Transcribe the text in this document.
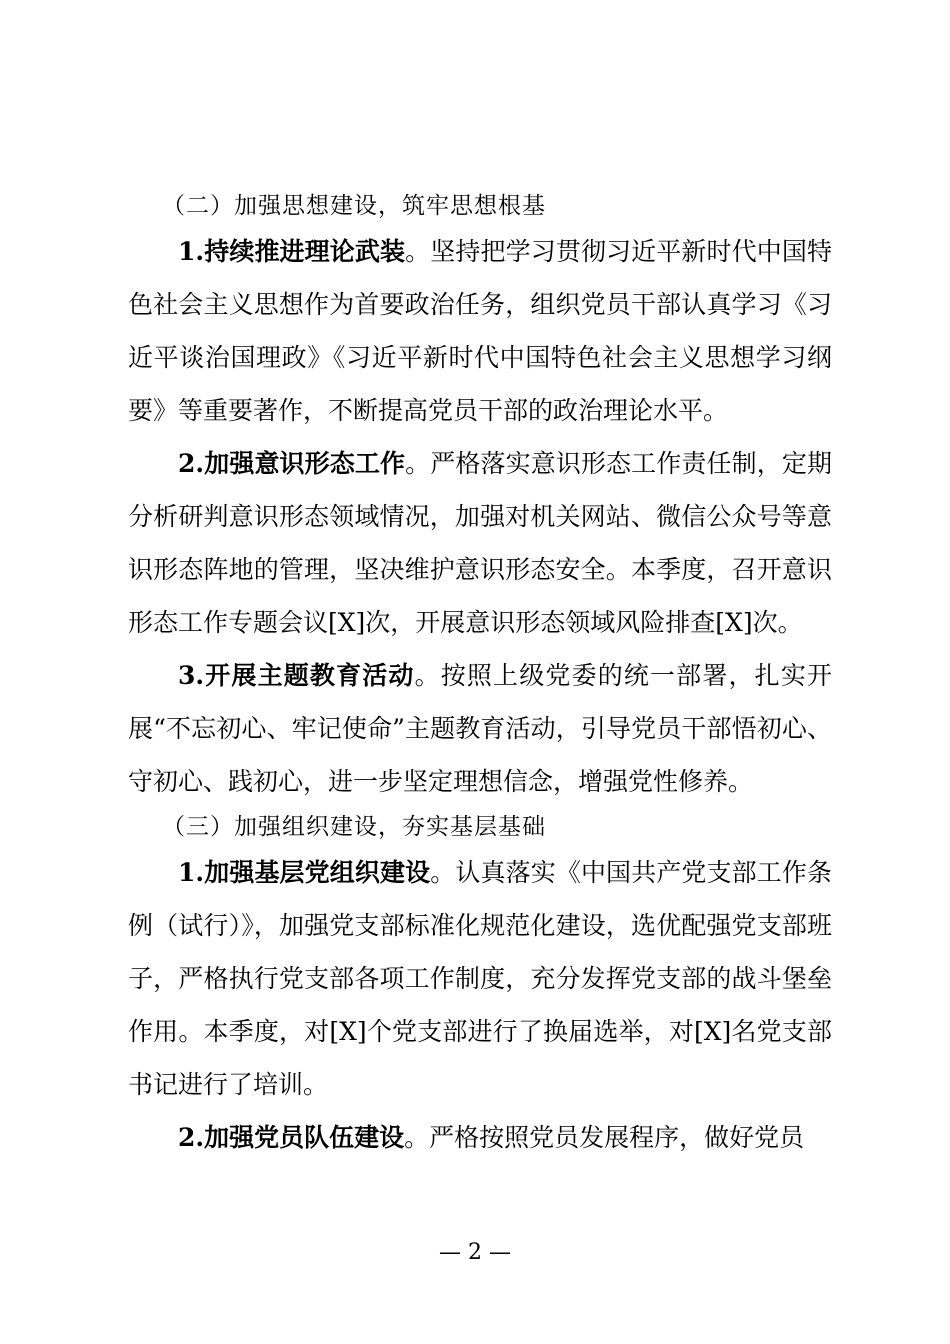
（二）加强思想建设，筑牢思想根基

1.持续推进理论武装。坚持把学习贯彻习近平新时代中国特色社会主义思想作为首要政治任务，组织党员干部认真学习《习近平谈治国理政》《习近平新时代中国特色社会主义思想学习纲要》等重要著作，不断提高党员干部的政治理论水平。

2.加强意识形态工作。严格落实意识形态工作责任制，定期分析研判意识形态领域情况，加强对机关网站、微信公众号等意识形态阵地的管理，坚决维护意识形态安全。本季度，召开意识形态工作专题会议[X]次，开展意识形态领域风险排查[X]次。

3.开展主题教育活动。按照上级党委的统一部署，扎实开展“不忘初心、牢记使命”主题教育活动，引导党员干部悟初心、守初心、践初心，进一步坚定理想信念，增强党性修养。

（三）加强组织建设，夯实基层基础

1.加强基层党组织建设。认真落实《中国共产党支部工作条例（试行）》，加强党支部标准化规范化建设，选优配强党支部班子，严格执行党支部各项工作制度，充分发挥党支部的战斗堡垒作用。本季度，对[X]个党支部进行了换届选举，对[X]名党支部书记进行了培训。

2.加强党员队伍建设。严格按照党员发展程序，做好党员

— 2 —
